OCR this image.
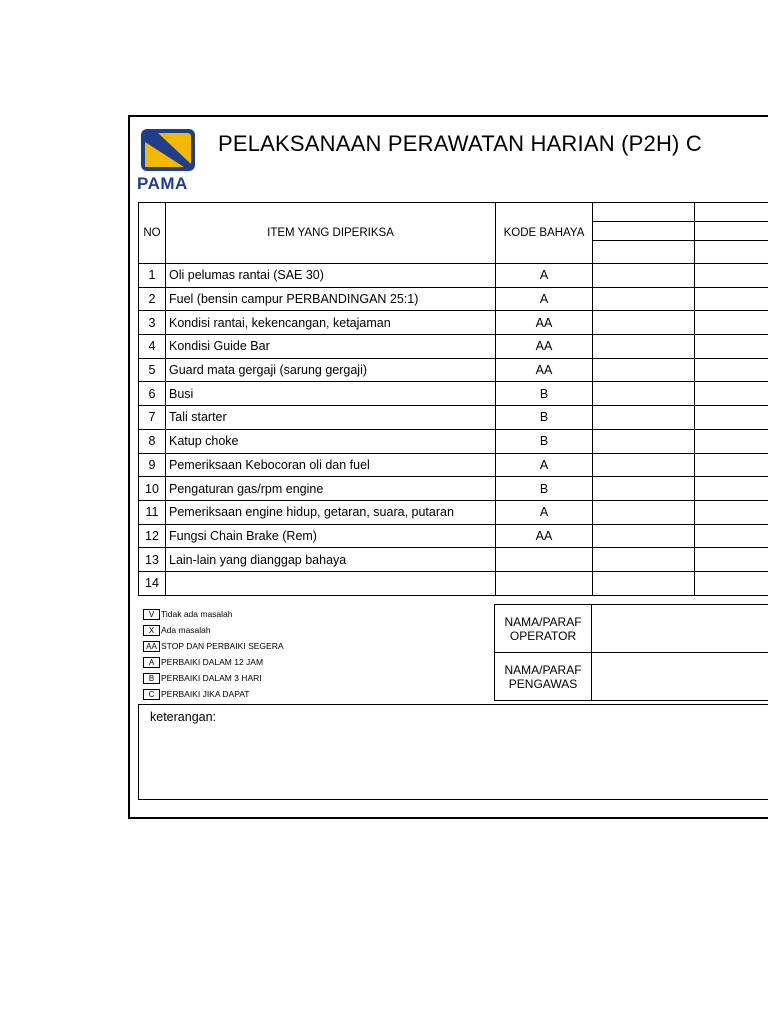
PAMA
PELAKSANAAN PERAWATAN HARIAN (P2H) C
NO	ITEM YANG DIPERIKSA	KODE BAHAYA	

1	Oli pelumas rantai (SAE 30)	A		
2	Fuel (bensin campur PERBANDINGAN 25:1)	A		
3	Kondisi rantai, kekencangan, ketajaman	AA		
4	Kondisi Guide Bar	AA		
5	Guard mata gergaji (sarung gergaji)	AA		
6	Busi	B		
7	Tali starter	B		
8	Katup choke	B		
9	Pemeriksaan Kebocoran oli dan fuel	A		
10	Pengaturan gas/rpm engine	B		
11	Pemeriksaan engine hidup, getaran, suara, putaran	A		
12	Fungsi Chain Brake (Rem)	AA		
13	Lain-lain yang dianggap bahaya			
14				
V Tidak ada masalah
X Ada masalah
AA STOP DAN PERBAIKI SEGERA
A PERBAIKI DALAM 12 JAM
B PERBAIKI DALAM 3 HARI
C PERBAIKI JIKA DAPAT
NAMA/PARAF
OPERATOR	

NAMA/PARAF
PENGAWAS	

keterangan:
